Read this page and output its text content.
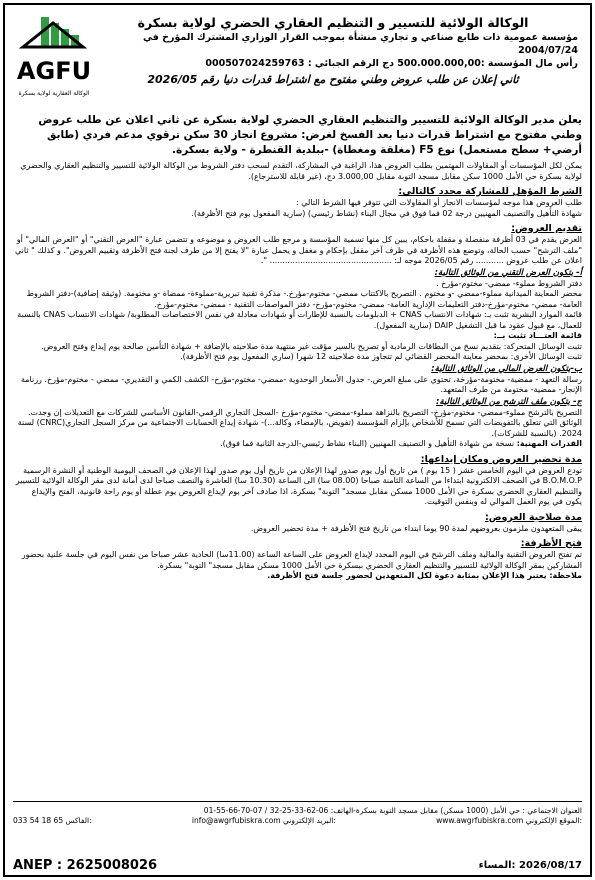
AGFU
الوكالة العقارية لولاية بسكرة
الوكالة الولائية للتسيير و التنظيم العقاري الحضري لولاية بسكرة
مؤسسة عمومية ذات طابع صناعي و تجاري منشأة بموجب القرار الوزاري المشترك المؤرخ في 2004/07/24
رأس مال المؤسسة :500.000.000,00 دج الرقم الجبائي : 000507024259763
ثاني إعلان عن طلب عروض وطني مفتوح مع اشتراط قدرات دنيا رقم 2026/05
يعلن مدير الوكالة الولائية للتسيير والتنظيم العقاري الحضري لولاية بسكرة عن ثاني اعلان عن طلب عروض وطني مفتوح مع اشتراط قدرات دنيا بعد الفسخ لغرض: مشروع انجاز 30 سكن ترقوي مدعم فردي (طابق أرضي+ سطح مستعمل) نوع F5 (مغلقة ومغطاة) -ببلدية القنطرة - ولاية بسكرة.

يمكن لكل المؤسسات أو المقاولات المهتمين بطلب العروض هذا، الراغبة في المشاركة، التقدم لسحب دفتر الشروط من الوكالة الولائية للتسيير والتنظيم العقاري والحضري لولاية بسكرة حي الأمل 1000 سكن مقابل مسجد التوبة مقابل 3.000,00 دج، (غير قابلة للاسترجاع).

الشرط المؤهل للمشاركة محدد كالتالي:

طلب العروض هذا موجه لمؤسسات الانجاز أو المقاولات التي تتوفر فيها الشرط التالي :

شهادة التأهيل والتصنيف المهنيين درجة 02 فما فوق في مجال البناء (نشاط رئيسي) (سارية المفعول يوم فتح الأظرفة).

تقديم العروض:

العرض يقدم في 03 أظرفة منفصلة و مقفلة باحكام، يبين كل منها تسمية المؤسسة و مرجع طلب العروض و موضوعه و تتضمن عبارة "العرض التقني" أو "العرض المالي" أو "ملف الترشح" حسب الحالة، وتوضع هذه الأظرفة في ظرف آخر مقفل بإحكام و مغفل و يحمل عبارة "لا يفتح إلا من طرف لجنة فتح الأظرفة وتقييم العروض". و كذلك " ثاني اعلان عن طلب عروض ........... رقم 2026/05 موجه لـ: ................................................ ".

أ- يتكون العرض التقني من الوثائق التالية:

دفتر الشروط مملوء- ممضي- مختوم-مؤرخ .

محضر المعاينة الميدانية مملوء-ممضي -و مختوم . التصريح بالاكتتاب ممضي- مختوم-مؤرخ.- مذكرة تقنية تبريرية-مملوءة- ممضاة -و مختومة. (وثيقة إضافية)-دفتر الشروط العامة- ممضي- مختوم-مؤرخ-دفتر التعليمات الإدارية العامة- ممضي- مختوم-مؤرخ- دفتر المواصفات التقنية - ممضي- مختوم-مؤرخ.

قائمة الموارد البشرية تثبت بـ: شهادات الانتساب CNAS + الدبلومات بالنسبة للإطارات أو شهادات معادلة في نفس الاختصاصات المطلوبة/ شهادات الانتساب CNAS بالنسبة للعمال، مع قبول عقود ما قبل التشغيل DAIP (سارية المفعول).

قائمة العتـــاد تثبت بــ:

تثبت الوسائل المتحركة: بتقديم نسخ من البطاقات الرمادية أو تصريح بالسير مؤقت غير منتهية مدة صلاحيته بالإضافة + شهادة التأمين صالحة يوم إيداع وفتح العروض.

تثبت الوسائل الأخرى: بمحضر معاينة المحضر القضائي لم تتجاوز مدة صلاحيته 12 شهرا (ساري المفعول يوم فتح الأظرفة).

ب-يتكون العرض المالي من الوثائق التالية:

رسالة التعهد - ممضية- مختومة-مؤرخة، تحتوي على مبلغ العرض.- جدول الأسعار الوحدوية -ممضي- مختوم-مؤرخ- الكشف الكمي و التقديري- ممضي - مختوم-مؤرخ. رزنامة الإنجاز- ممضية- مختومة من طرف المتعهد.

ج- يتكون ملف الترشح من الوثائق التالية:

التصريح بالترشح مملوء-ممضي- مختوم-مؤرخ- التصريح بالنزاهة مملوء-ممضي- مختوم-مؤرخ -السجل التجاري الرقمي-القانون الأساسي للشركات مع التعديلات إن وجدت. الوثائق التي تتعلق بالتفويضات التي تسمح للأشخاص بإلزام المؤسسة (تفويض، بالإمضاء، وكالة...)- شهادة إيداع الحسابات الاجتماعية من مركز السجل التجاري(CNRC) لسنة 2024. (بالنسبة للشركات).

القدرات المهنية: نسخة من شهادة التأهيل و التصنيف المهنيين (البناء نشاط رئيسي-الدرجة الثانية فما فوق).

مدة تحضير العروض ومكان إيداعها:

تودع العروض في اليوم الخامس عشر ( 15 يوم ) من تاريخ أول يوم صدور لهذا الإعلان من تاريخ أول يوم صدور لهذا الإعلان في الصحف اليومية الوطنية أو النشرة الرسمية B.O.M.O.P في الصحف الالكترونية ابتداءا من الساعة الثامنة صباحا (08.00 سا) الى الساعة (10.30 سا) العاشرة والنصف صباحا لدى أمانة لدى مقر الوكالة الولائية للتسيير والتنظيم العقاري الحضري بسكرة حي الأمل 1000 مسكن مقابل مسجد" التوبة" بسكرة، اذا صادف آخر يوم لإيداع العروض يوم عطلة أو يوم راحة قانونية، الفتح والإيداع يكون في يوم العمل الموالي له وبنفس التوقيت.

مدة صلاحية العروض:

يبقى المتعهدون ملزمون بعروضهم لمدة 90 يوما ابتداء من تاريخ فتح الأظرفة + مدة تحضير العروض.

فتح الأظرفة:

تم تفتح العروض التقنية والمالية وملف الترشح في اليوم المحدد لإيداع العروض على الساعة الساعة (11.00سا) الحادية عشر صباحا من نفس اليوم في جلسة علنية بحضور المشاركين بمقر الوكالة الولائية للتسيير والتنظيم العقاري الحضري ببسكرة حي الأمل 1000 مسكن مقابل مسجد" التوبة" بسكرة.

ملاحظة: يعتبر هذا الإعلان بمثابة دعوة لكل المتعهدين لحضور جلسة فتح الأظرفة.

العنوان الاجتماعي : حي الأمل (1000 مسكن) مقابل مسجد التوبة بسكرة-الهاتف: 06-62-33-25-32 / 07-70-66-55-01

033 54 18 65 الفاكس:	info@awgrfubiskra.com البريد الإلكتروني:	www.awgrfubiskra.com الموقع الإلكتروني:
ANEP : 2625008026	2026/08/17 :المساء
